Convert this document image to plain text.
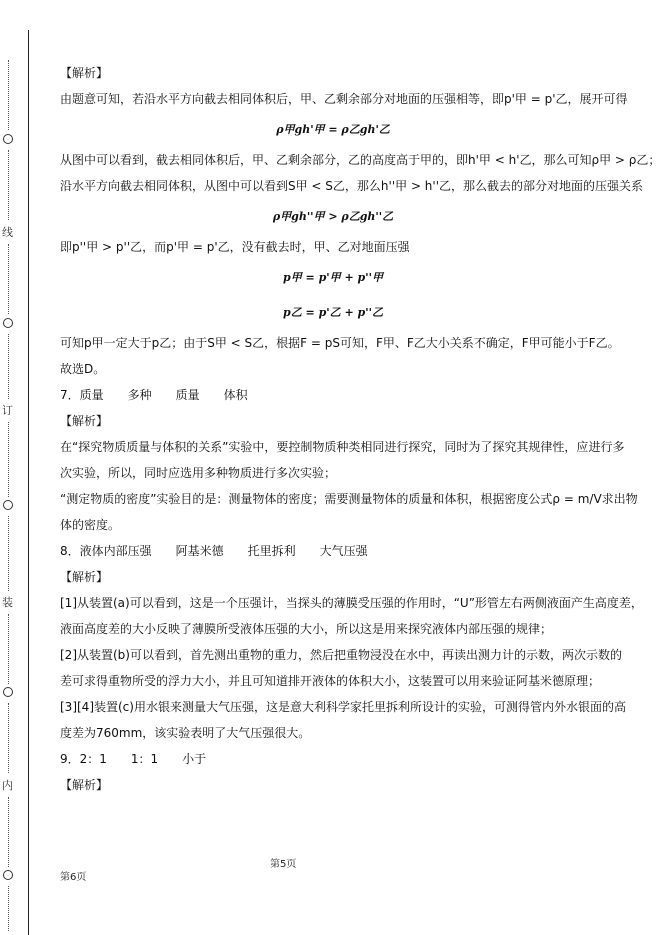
线
订
装
内
【解析】
由题意可知，若沿水平方向截去相同体积后，甲、乙剩余部分对地面的压强相等，即p'甲 = p'乙，展开可得
ρ甲gh'甲 = ρ乙gh'乙
从图中可以看到，截去相同体积后，甲、乙剩余部分，乙的高度高于甲的，即h'甲 < h'乙，那么可知ρ甲 > ρ乙；
沿水平方向截去相同体积，从图中可以看到S甲 < S乙，那么h''甲 > h''乙，那么截去的部分对地面的压强关系
ρ甲gh''甲 > ρ乙gh''乙
即p''甲 > p''乙，而p'甲 = p'乙，没有截去时，甲、乙对地面压强
p甲 = p'甲 + p''甲
p乙 = p'乙 + p''乙
可知p甲一定大于p乙；由于S甲 < S乙，根据F = pS可知，F甲、F乙大小关系不确定，F甲可能小于F乙。
故选D。
7．质量　　多种　　质量　　体积
【解析】
在“探究物质质量与体积的关系”实验中，要控制物质种类相同进行探究，同时为了探究其规律性，应进行多
次实验，所以，同时应选用多种物质进行多次实验；
“测定物质的密度”实验目的是：测量物体的密度；需要测量物体的质量和体积，根据密度公式ρ = m/V求出物
体的密度。
8．液体内部压强　　阿基米德　　托里拆利　　大气压强
【解析】
[1]从装置(a)可以看到，这是一个压强计，当探头的薄膜受压强的作用时，“U”形管左右两侧液面产生高度差，
液面高度差的大小反映了薄膜所受液体压强的大小，所以这是用来探究液体内部压强的规律；
[2]从装置(b)可以看到，首先测出重物的重力，然后把重物浸没在水中，再读出测力计的示数，两次示数的
差可求得重物所受的浮力大小，并且可知道排开液体的体积大小，这装置可以用来验证阿基米德原理；
[3][4]装置(c)用水银来测量大气压强，这是意大利科学家托里拆利所设计的实验，可测得管内外水银面的高
度差为760mm，该实验表明了大气压强很大。
9．2：1　　1：1　　小于
【解析】
第5页
第6页
